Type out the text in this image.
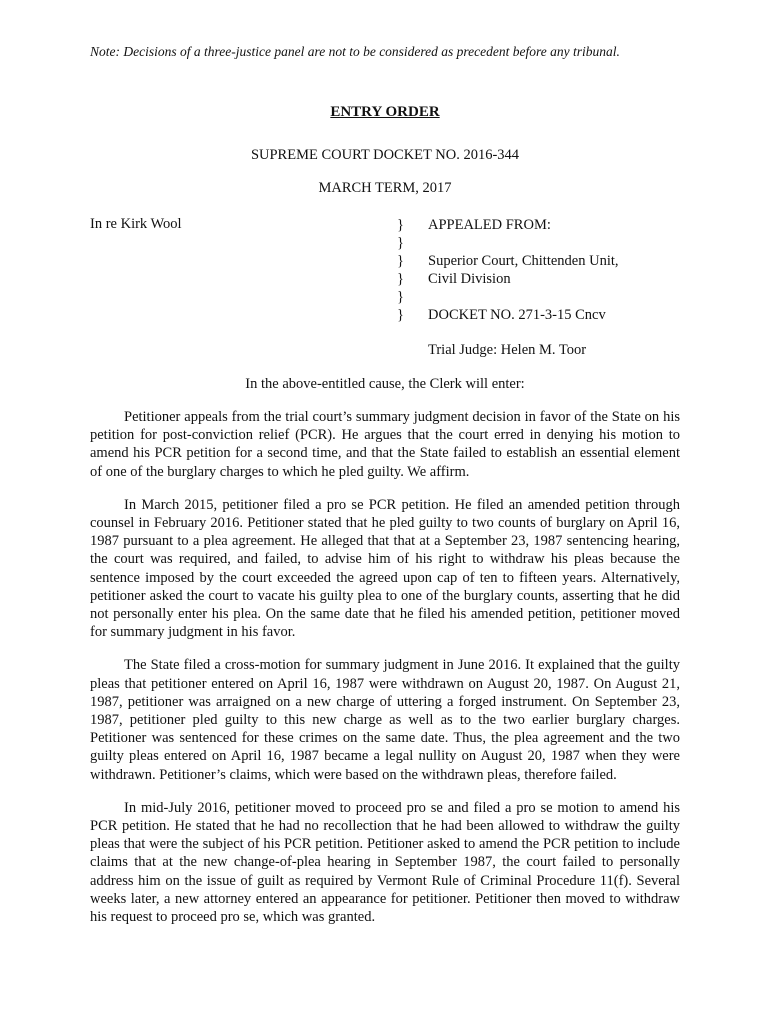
Note: Decisions of a three-justice panel are not to be considered as precedent before any tribunal.
ENTRY ORDER
SUPREME COURT DOCKET NO. 2016-344
MARCH TERM, 2017
In re Kirk Wool	}
}
}
}
}
}
APPEALED FROM:
Superior Court, Chittenden Unit,
Civil Division
DOCKET NO. 271-3-15 Cncv
Trial Judge: Helen M. Toor
In the above-entitled cause, the Clerk will enter:

Petitioner appeals from the trial court’s summary judgment decision in favor of the State on his petition for post-conviction relief (PCR). He argues that the court erred in denying his motion to amend his PCR petition for a second time, and that the State failed to establish an essential element of one of the burglary charges to which he pled guilty. We affirm.

In March 2015, petitioner filed a pro se PCR petition. He filed an amended petition through counsel in February 2016. Petitioner stated that he pled guilty to two counts of burglary on April 16, 1987 pursuant to a plea agreement. He alleged that that at a September 23, 1987 sentencing hearing, the court was required, and failed, to advise him of his right to withdraw his pleas because the sentence imposed by the court exceeded the agreed upon cap of ten to fifteen years. Alternatively, petitioner asked the court to vacate his guilty plea to one of the burglary counts, asserting that he did not personally enter his plea. On the same date that he filed his amended petition, petitioner moved for summary judgment in his favor.

The State filed a cross-motion for summary judgment in June 2016. It explained that the guilty pleas that petitioner entered on April 16, 1987 were withdrawn on August 20, 1987. On August 21, 1987, petitioner was arraigned on a new charge of uttering a forged instrument. On September 23, 1987, petitioner pled guilty to this new charge as well as to the two earlier burglary charges. Petitioner was sentenced for these crimes on the same date. Thus, the plea agreement and the two guilty pleas entered on April 16, 1987 became a legal nullity on August 20, 1987 when they were withdrawn. Petitioner’s claims, which were based on the withdrawn pleas, therefore failed.

In mid-July 2016, petitioner moved to proceed pro se and filed a pro se motion to amend his PCR petition. He stated that he had no recollection that he had been allowed to withdraw the guilty pleas that were the subject of his PCR petition. Petitioner asked to amend the PCR petition to include claims that at the new change-of-plea hearing in September 1987, the court failed to personally address him on the issue of guilt as required by Vermont Rule of Criminal Procedure 11(f). Several weeks later, a new attorney entered an appearance for petitioner. Petitioner then moved to withdraw his request to proceed pro se, which was granted.
